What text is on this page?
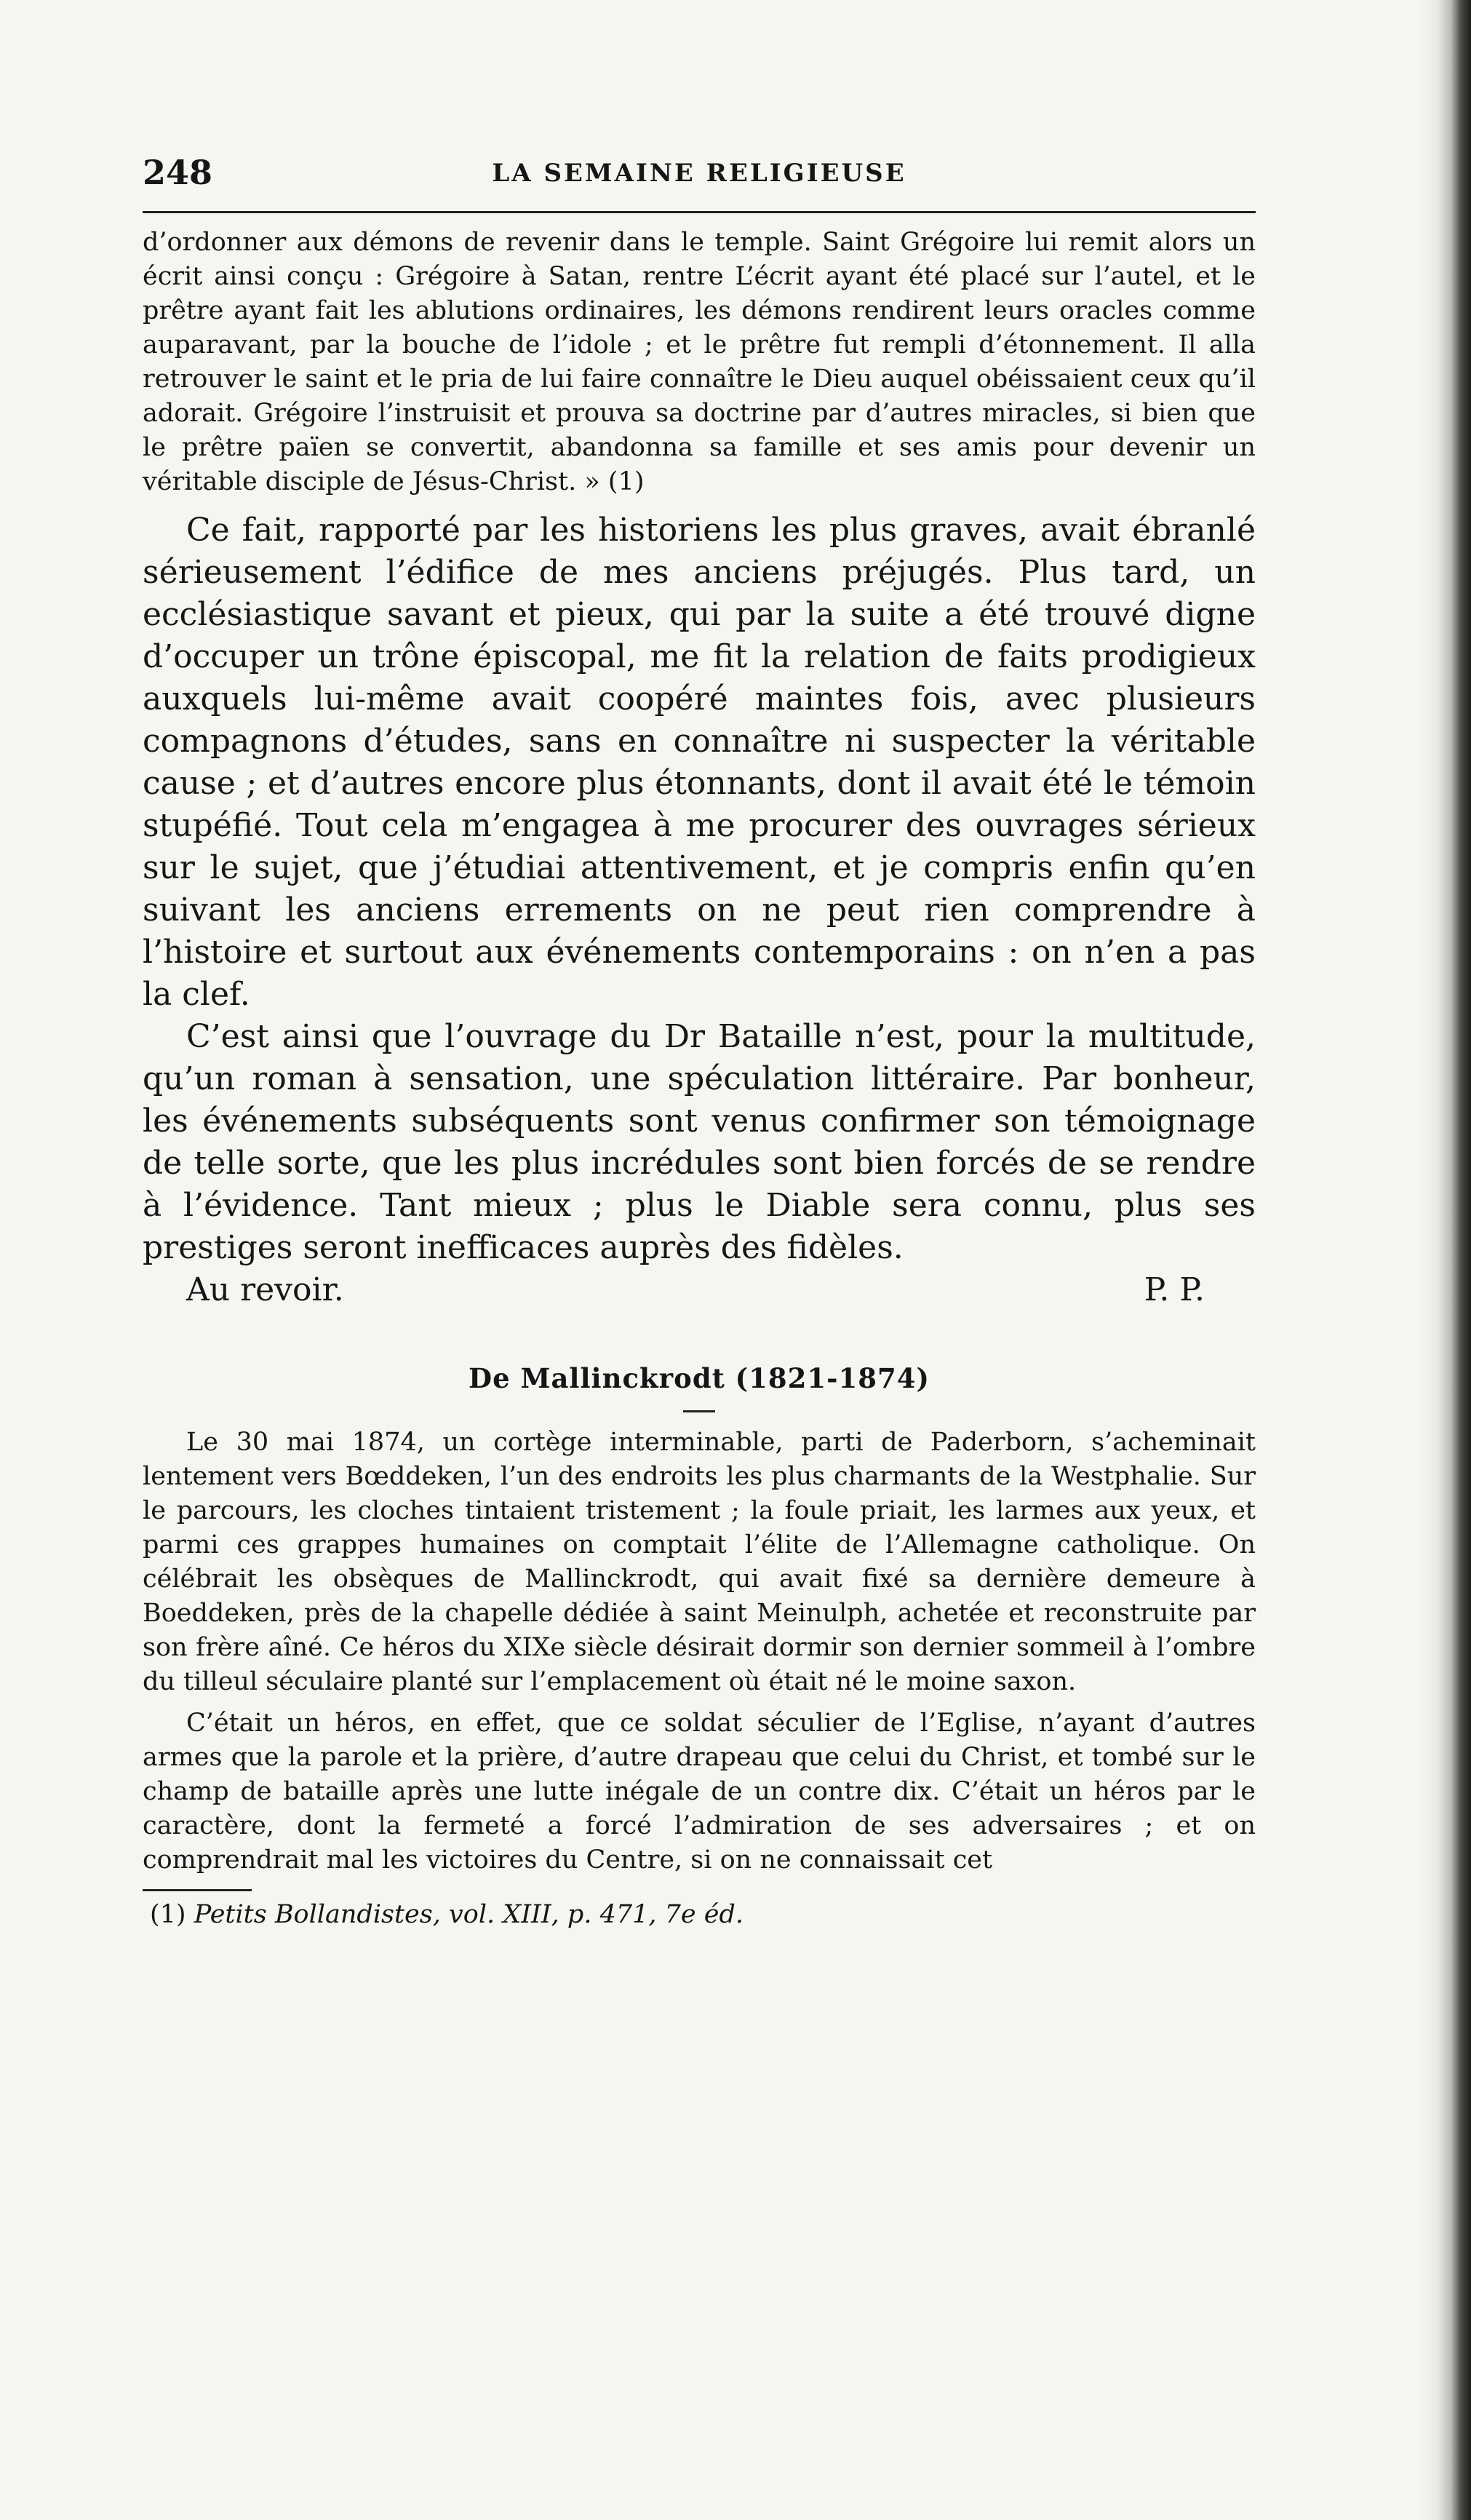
248	LA SEMAINE RELIGIEUSE

d’ordonner aux démons de revenir dans le temple. Saint Grégoire lui remit alors un écrit ainsi conçu : Grégoire à Satan, rentre L’écrit ayant été placé sur l’autel, et le prêtre ayant fait les ablutions ordinaires, les démons rendirent leurs oracles comme auparavant, par la bouche de l’idole ; et le prêtre fut rempli d’étonnement. Il alla retrouver le saint et le pria de lui faire connaître le Dieu auquel obéissaient ceux qu’il adorait. Grégoire l’instruisit et prouva sa doctrine par d’autres miracles, si bien que le prêtre païen se convertit, abandonna sa famille et ses amis pour devenir un véritable disciple de Jésus-Christ. » (1)

Ce fait, rapporté par les historiens les plus graves, avait ébranlé sérieusement l’édifice de mes anciens préjugés. Plus tard, un ecclésiastique savant et pieux, qui par la suite a été trouvé digne d’occuper un trône épiscopal, me fit la relation de faits prodigieux auxquels lui-même avait coopéré maintes fois, avec plusieurs compagnons d’études, sans en connaître ni suspecter la véritable cause ; et d’autres encore plus étonnants, dont il avait été le témoin stupéfié. Tout cela m’engagea à me procurer des ouvrages sérieux sur le sujet, que j’étudiai attentivement, et je compris enfin qu’en suivant les anciens errements on ne peut rien comprendre à l’histoire et surtout aux événements contemporains : on n’en a pas la clef.

C’est ainsi que l’ouvrage du Dr Bataille n’est, pour la multitude, qu’un roman à sensation, une spéculation littéraire. Par bonheur, les événements subséquents sont venus confirmer son témoignage de telle sorte, que les plus incrédules sont bien forcés de se rendre à l’évidence. Tant mieux ; plus le Diable sera connu, plus ses prestiges seront inefficaces auprès des fidèles.

Au revoir.	P. P.
De Mallinckrodt (1821-1874)

Le 30 mai 1874, un cortège interminable, parti de Paderborn, s’acheminait lentement vers Bœddeken, l’un des endroits les plus charmants de la Westphalie. Sur le parcours, les cloches tintaient tristement ; la foule priait, les larmes aux yeux, et parmi ces grappes humaines on comptait l’élite de l’Allemagne catholique. On célébrait les obsèques de Mallinckrodt, qui avait fixé sa dernière demeure à Boeddeken, près de la chapelle dédiée à saint Meinulph, achetée et reconstruite par son frère aîné. Ce héros du XIXe siècle désirait dormir son dernier sommeil à l’ombre du tilleul séculaire planté sur l’emplacement où était né le moine saxon.

C’était un héros, en effet, que ce soldat séculier de l’Eglise, n’ayant d’autres armes que la parole et la prière, d’autre drapeau que celui du Christ, et tombé sur le champ de bataille après une lutte inégale de un contre dix. C’était un héros par le caractère, dont la fermeté a forcé l’admiration de ses adversaires ; et on comprendrait mal les victoires du Centre, si on ne connaissait cet

(1) Petits Bollandistes, vol. XIII, p. 471, 7e éd.
